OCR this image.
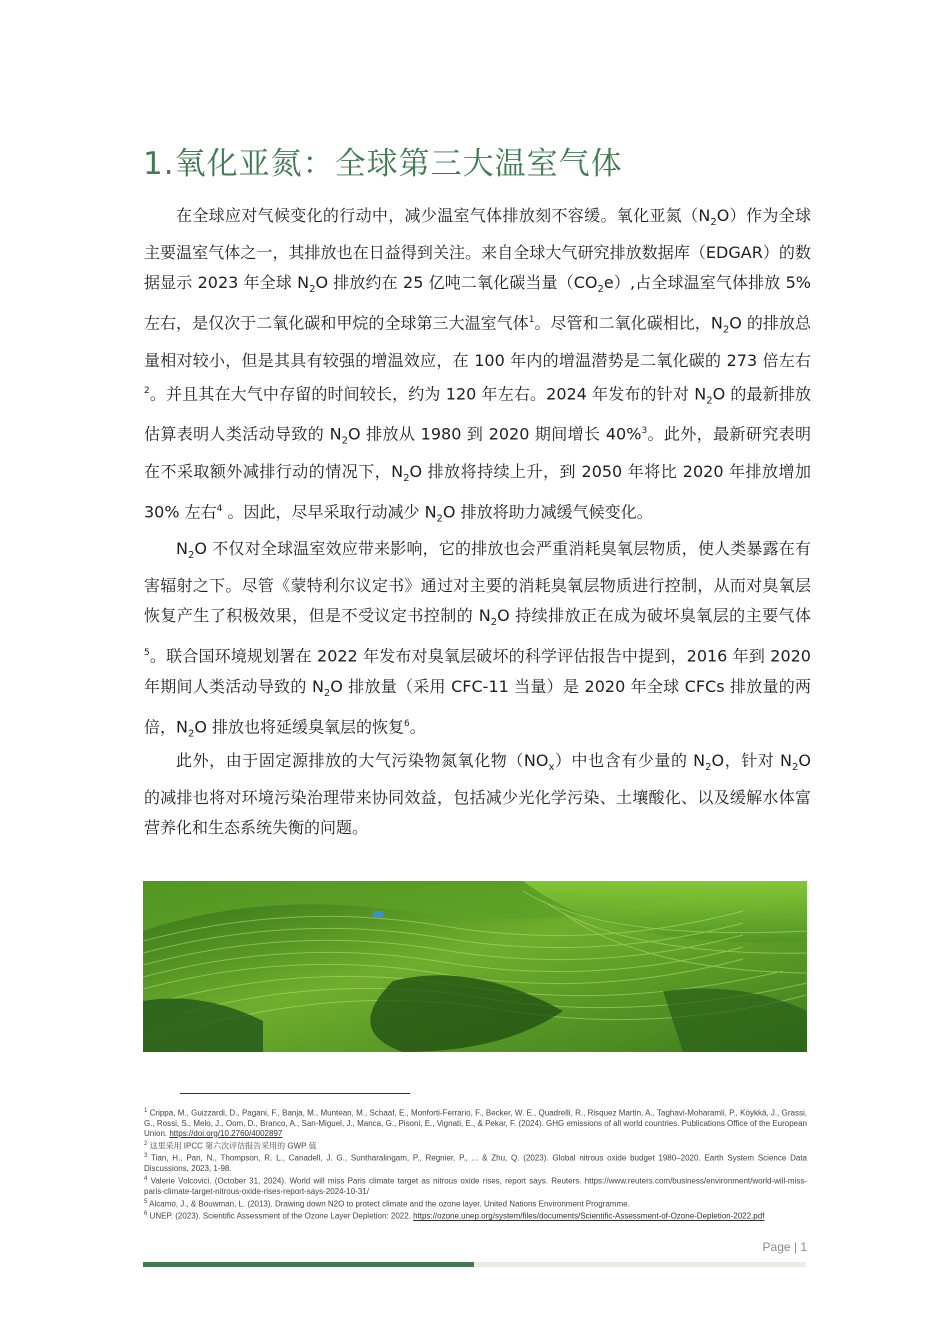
1.氧化亚氮：全球第三大温室气体

在全球应对气候变化的行动中，减少温室气体排放刻不容缓。氧化亚氮$(N_2O)$作为全球主要温室气体之一，其排放也在日益得到关注。来自全球大气研究排放数据库（EDGAR）的数据显示 2023 年全球 $N_2O$ 排放约在 25 亿吨二氧化碳当量$(CO_2e)$,占全球温室气体排放 5%左右，是仅次于二氧化碳和甲烷的全球第三大温室气体$^1$。尽管和二氧化碳相比，$N_2O$ 的排放总量相对较小，但是其具有较强的增温效应，在 100 年内的增温潜势是二氧化碳的 273 倍左右$^2$。并且其在大气中存留的时间较长，约为 120 年左右。2024 年发布的针对 $N_2O$ 的最新排放估算表明人类活动导致的 $N_2O$ 排放从 1980 到 2020 期间增长 40%$^3$。此外，最新研究表明在不采取额外减排行动的情况下，$N_2O$ 排放将持续上升，到 2050 年将比 2020 年排放增加 30% 左右$^4$ 。因此，尽早采取行动减少 $N_2O$ 排放将助力减缓气候变化。

$N_2O$ 不仅对全球温室效应带来影响，它的排放也会严重消耗臭氧层物质，使人类暴露在有害辐射之下。尽管《蒙特利尔议定书》通过对主要的消耗臭氧层物质进行控制，从而对臭氧层恢复产生了积极效果，但是不受议定书控制的 $N_2O$ 持续排放正在成为破坏臭氧层的主要气体$^5$。联合国环境规划署在 2022 年发布对臭氧层破坏的科学评估报告中提到，2016 年到 2020 年期间人类活动导致的 $N_2O$ 排放量（采用 CFC-11 当量）是 2020 年全球 CFCs 排放量的两倍，$N_2O$ 排放也将延缓臭氧层的恢复$^6$。

此外，由于固定源排放的大气污染物氮氧化物$(NO_x)$中也含有少量的 $N_2O$，针对 $N_2O$ 的减排也将对环境污染治理带来协同效益，包括减少光化学污染、土壤酸化、以及缓解水体富营养化和生态系统失衡的问题。

$^1$ Crippa, M., Guizzardi, D., Pagani, F., Banja, M., Muntean, M., Schaaf, E., Monforti-Ferrario, F., Becker, W. E., Quadrelli, R., Risquez Martin, A., Taghavi-Moharamli, P., Köykkä, J., Grassi, G., Rossi, S., Melo, J., Oom, D., Branco, A., San-Miguel, J., Manca, G., Pisoni, E., Vignati, E., & Pekar, F. (2024). GHG emissions of all world countries. Publications Office of the European Union. https://doi.org/10.2760/4002897
$^2$ 这里采用 IPCC 第六次评估报告采用的 GWP 值
$^3$ Tian, H., Pan, N., Thompson, R. L., Canadell, J. G., Suntharalingam, P., Regnier, P., ... & Zhu, Q. (2023). Global nitrous oxide budget 1980–2020. Earth System Science Data Discussions, 2023, 1-98.
$^4$ Valerie Volcovici. (October 31, 2024). World will miss Paris climate target as nitrous oxide rises, report says. Reuters. https://www.reuters.com/business/environment/world-will-miss-paris-climate-target-nitrous-oxide-rises-report-says-2024-10-31/
$^5$ Alcamo, J., & Bouwman, L. (2013). Drawing down N2O to protect climate and the ozone layer. United Nations Environment Programme.
$^6$ UNEP. (2023). Scientific Assessment of the Ozone Layer Depletion: 2022. https://ozone.unep.org/system/files/documents/Scientific-Assessment-of-Ozone-Depletion-2022.pdf
Page | 1
